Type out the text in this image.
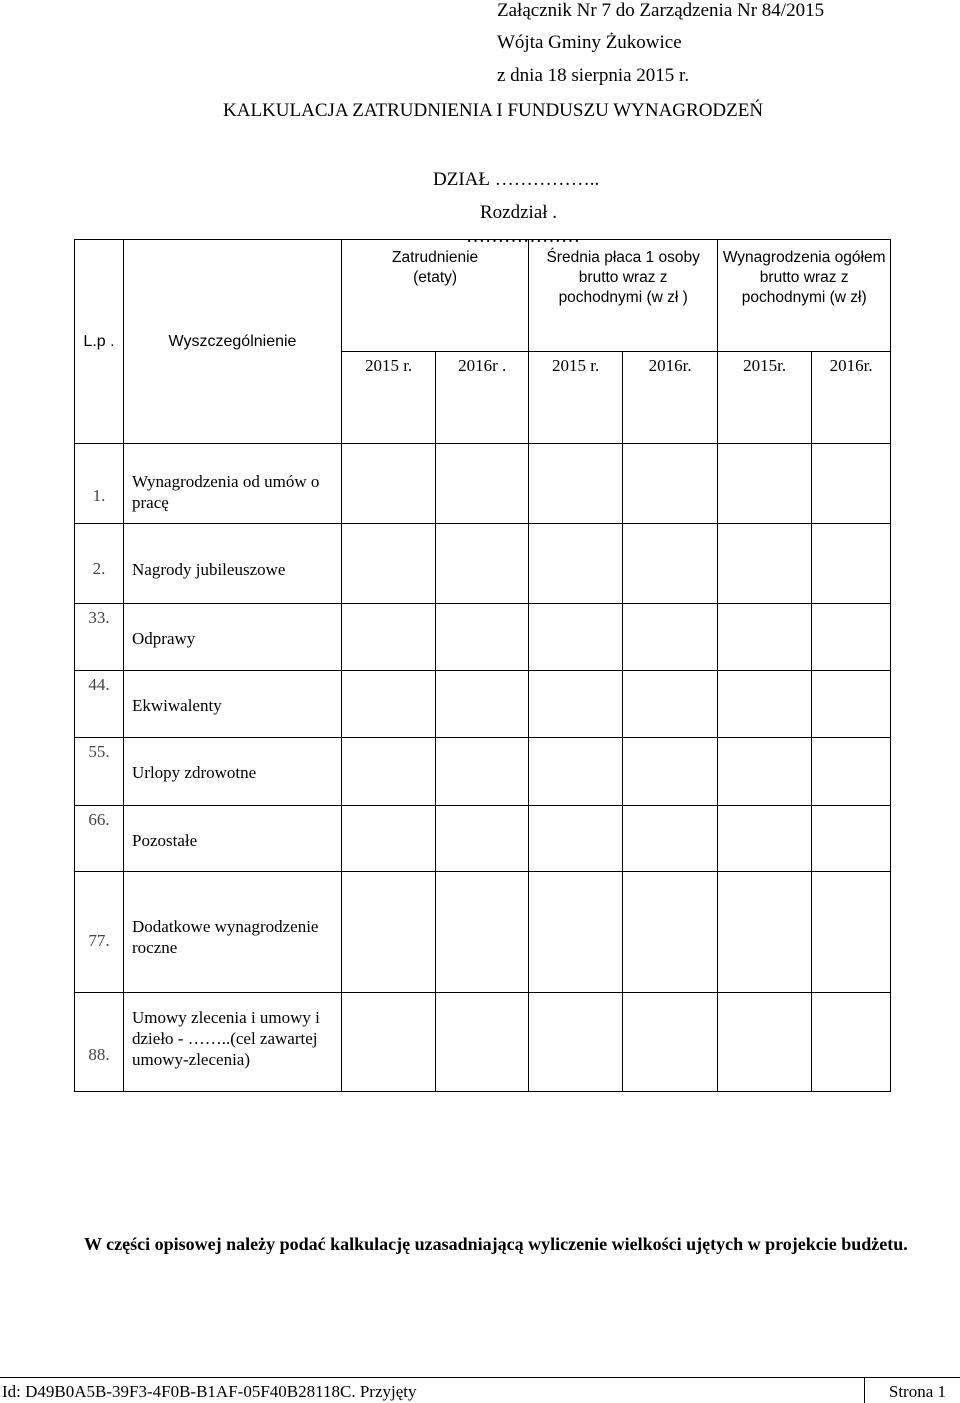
Załącznik Nr 7 do Zarządzenia Nr 84/2015
Wójta Gminy Żukowice
z dnia 18 sierpnia 2015 r.
KALKULACJA ZATRUDNIENIA I FUNDUSZU WYNAGRODZEŃ
DZIAŁ ……………..
Rozdział .
………………
L.p .	Wyszczególnienie	Zatrudnienie (etaty)		Średnia płaca 1 osoby brutto wraz z pochodnymi (w zł )		Wynagrodzenia ogółem brutto wraz z pochodnymi (w zł)	
		2015 r.	2016r .	2015 r.	2016r.	2015r.	2016r.
1.	Wynagrodzenia od umów o pracę						
2.	Nagrody jubileuszowe						
33.	Odprawy						
44.	Ekwiwalenty						
55.	Urlopy zdrowotne						
66.	Pozostałe						
77.	Dodatkowe wynagrodzenie roczne						
88.	Umowy zlecenia i umowy i dzieło - ……..(cel zawartej umowy-zlecenia)						
W części opisowej należy podać kalkulację uzasadniającą wyliczenie wielkości ujętych w projekcie budżetu.
Id: D49B0A5B-39F3-4F0B-B1AF-05F40B28118C. Przyjęty	Strona 1
